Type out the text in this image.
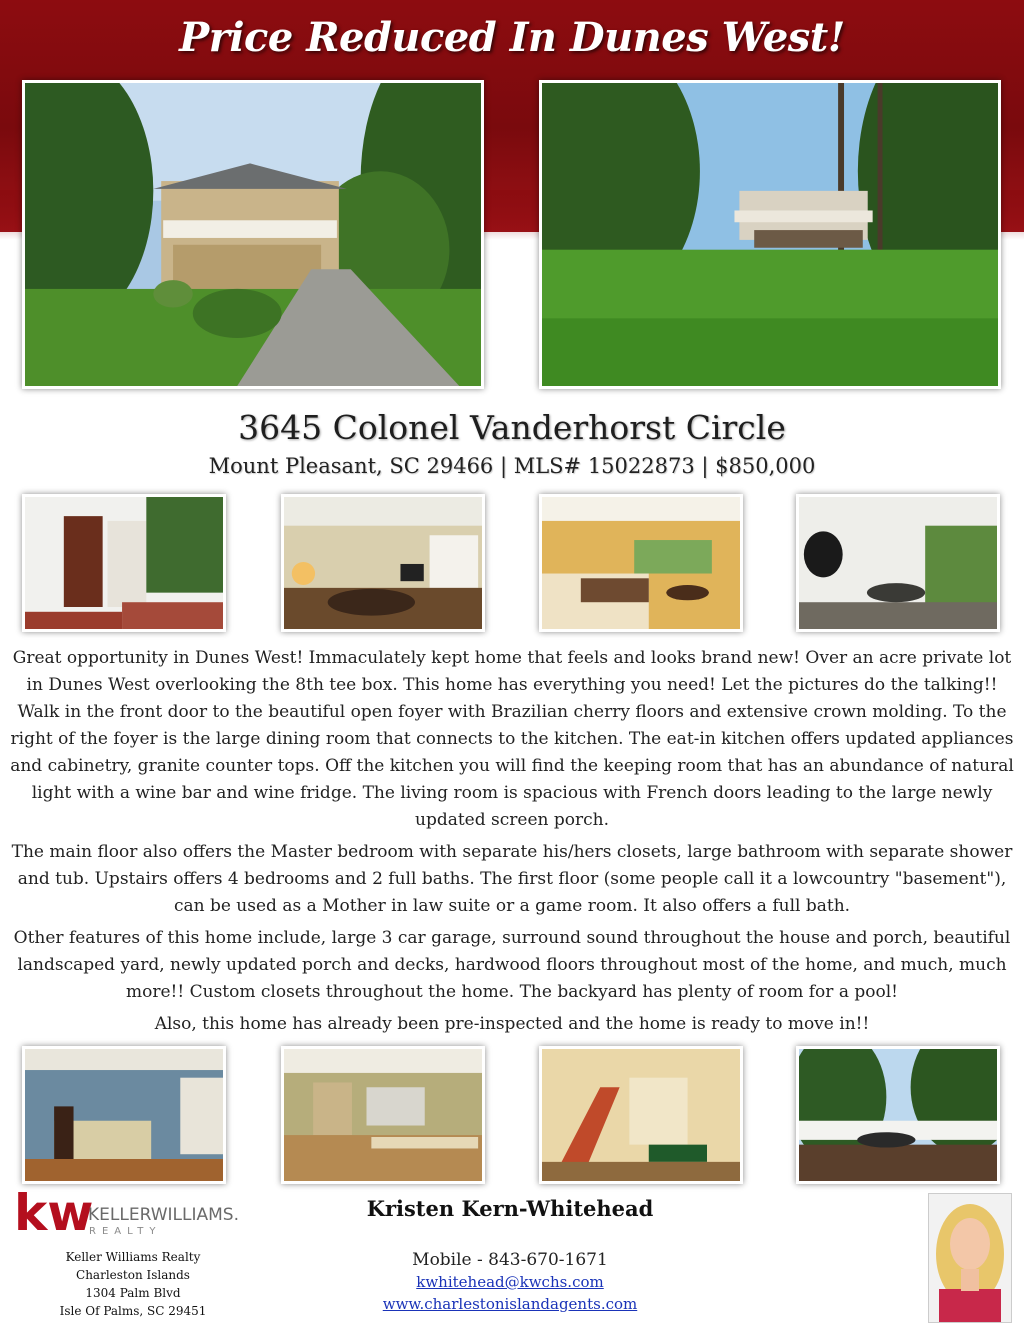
Price Reduced In Dunes West!
3645 Colonel Vanderhorst Circle
Mount Pleasant, SC 29466 | MLS# 15022873 | $850,000

Great opportunity in Dunes West! Immaculately kept home that feels and looks brand new! Over an acre private lot in Dunes West overlooking the 8th tee box. This home has everything you need! Let the pictures do the talking!! Walk in the front door to the beautiful open foyer with Brazilian cherry floors and extensive crown molding. To the right of the foyer is the large dining room that connects to the kitchen. The eat-in kitchen offers updated appliances and cabinetry, granite counter tops. Off the kitchen you will find the keeping room that has an abundance of natural light with a wine bar and wine fridge. The living room is spacious with French doors leading to the large newly updated screen porch.

The main floor also offers the Master bedroom with separate his/hers closets, large bathroom with separate shower and tub. Upstairs offers 4 bedrooms and 2 full baths. The first floor (some people call it a lowcountry "basement"), can be used as a Mother in law suite or a game room. It also offers a full bath.

Other features of this home include, large 3 car garage, surround sound throughout the house and porch, beautiful landscaped yard, newly updated porch and decks, hardwood floors throughout most of the home, and much, much more!! Custom closets throughout the home. The backyard has plenty of room for a pool!

Also, this home has already been pre-inspected and the home is ready to move in!!

kw
KELLERWILLIAMS.
REALTY
Keller Williams Realty
Charleston Islands
1304 Palm Blvd
Isle Of Palms, SC 29451
Kristen Kern-Whitehead
Mobile - 843-670-1671
kwhitehead@kwchs.com
www.charlestonislandagents.com
